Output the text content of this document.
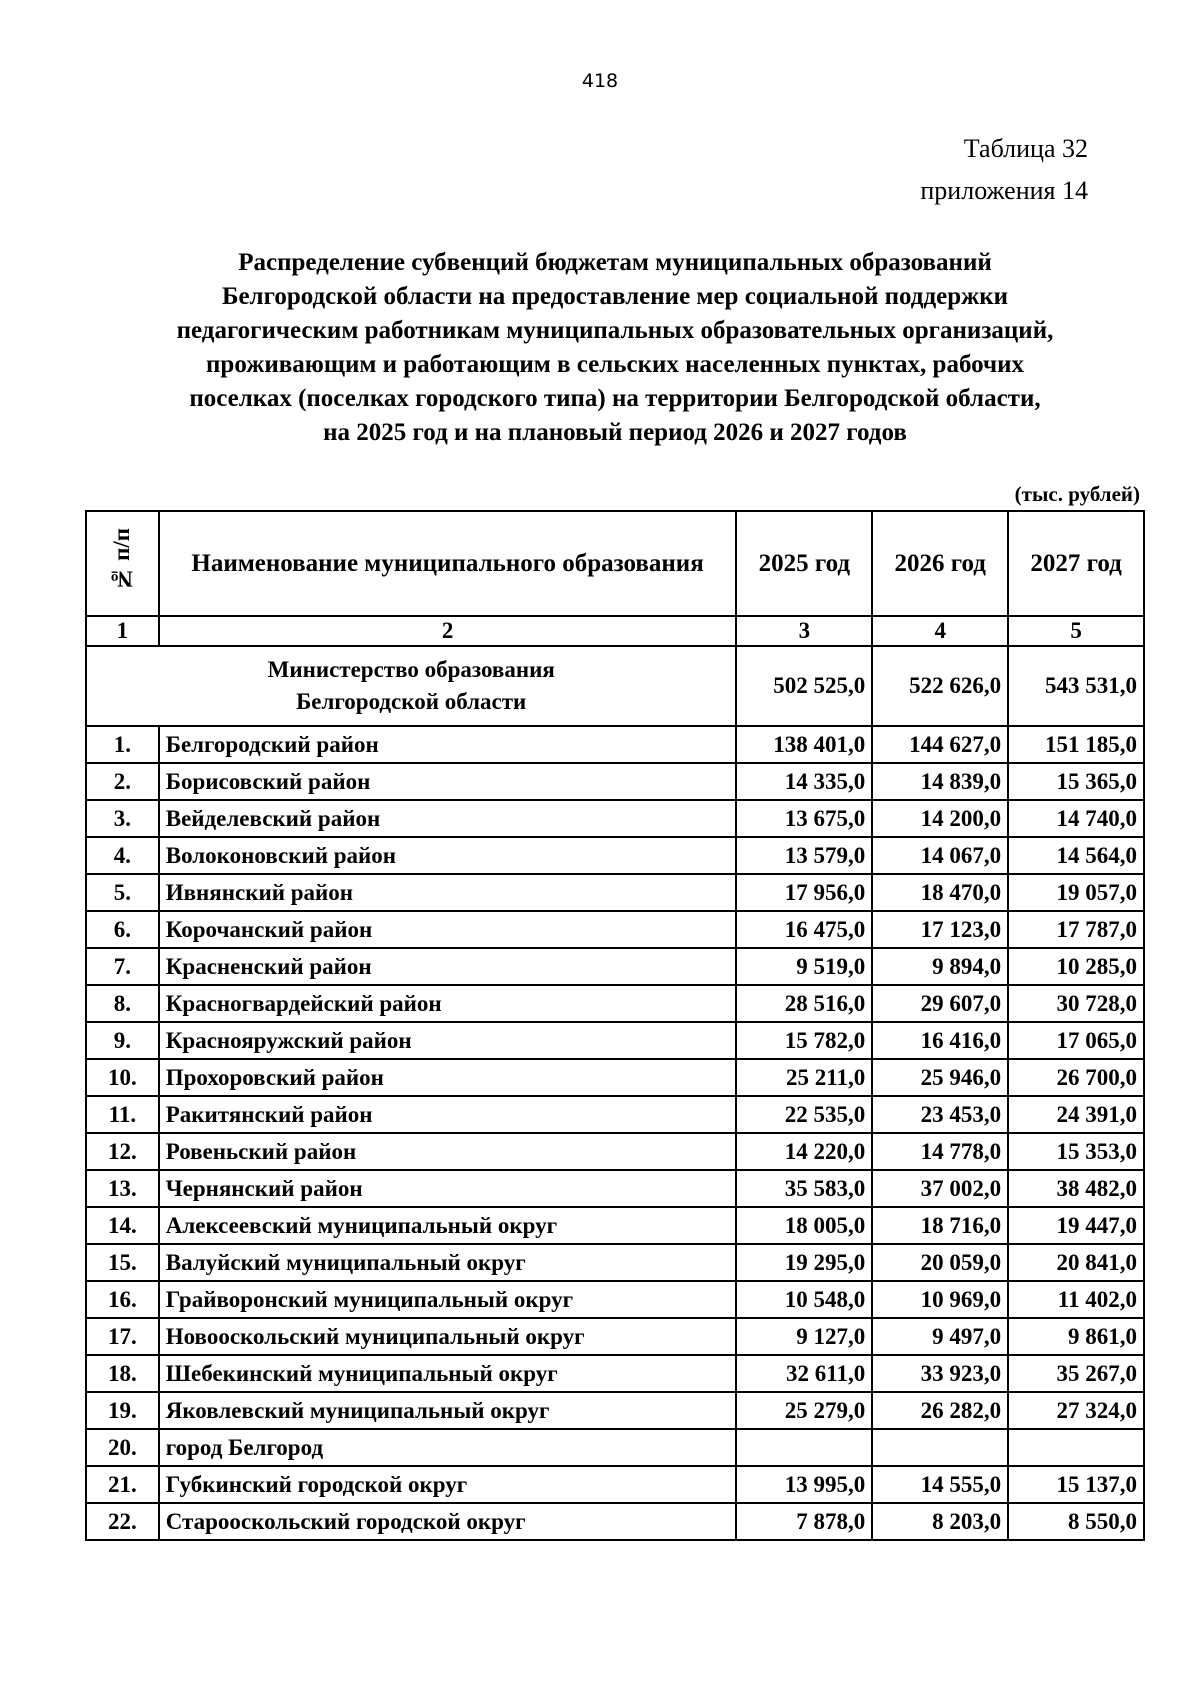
418
Таблица 32
приложения 14
Распределение субвенций бюджетам муниципальных образований
Белгородской области на предоставление мер социальной поддержки
педагогическим работникам муниципальных образовательных организаций,
проживающим и работающим в сельских населенных пунктах, рабочих
поселках (поселках городского типа) на территории Белгородской области,
на 2025 год и на плановый период 2026 и 2027 годов
(тыс. рублей)
№ п/п	Наименование муниципального образования	2025 год	2026 год	2027 год
1	2	3	4	5

Министерство образования
Белгородской области		502 525,0	522 626,0	543 531,0
1.	Белгородский район	138 401,0	144 627,0	151 185,0
2.	Борисовский район	14 335,0	14 839,0	15 365,0
3.	Вейделевский район	13 675,0	14 200,0	14 740,0
4.	Волоконовский район	13 579,0	14 067,0	14 564,0
5.	Ивнянский район	17 956,0	18 470,0	19 057,0
6.	Корочанский район	16 475,0	17 123,0	17 787,0
7.	Красненский район	9 519,0	9 894,0	10 285,0
8.	Красногвардейский район	28 516,0	29 607,0	30 728,0
9.	Краснояружский район	15 782,0	16 416,0	17 065,0
10.	Прохоровский район	25 211,0	25 946,0	26 700,0
11.	Ракитянский район	22 535,0	23 453,0	24 391,0
12.	Ровеньский район	14 220,0	14 778,0	15 353,0
13.	Чернянский район	35 583,0	37 002,0	38 482,0
14.	Алексеевский муниципальный округ	18 005,0	18 716,0	19 447,0
15.	Валуйский муниципальный округ	19 295,0	20 059,0	20 841,0
16.	Грайворонский муниципальный округ	10 548,0	10 969,0	11 402,0
17.	Новооскольский муниципальный округ	9 127,0	9 497,0	9 861,0
18.	Шебекинский муниципальный округ	32 611,0	33 923,0	35 267,0
19.	Яковлевский муниципальный округ	25 279,0	26 282,0	27 324,0
20.	город Белгород			
21.	Губкинский городской округ	13 995,0	14 555,0	15 137,0
22.	Старооскольский городской округ	7 878,0	8 203,0	8 550,0
